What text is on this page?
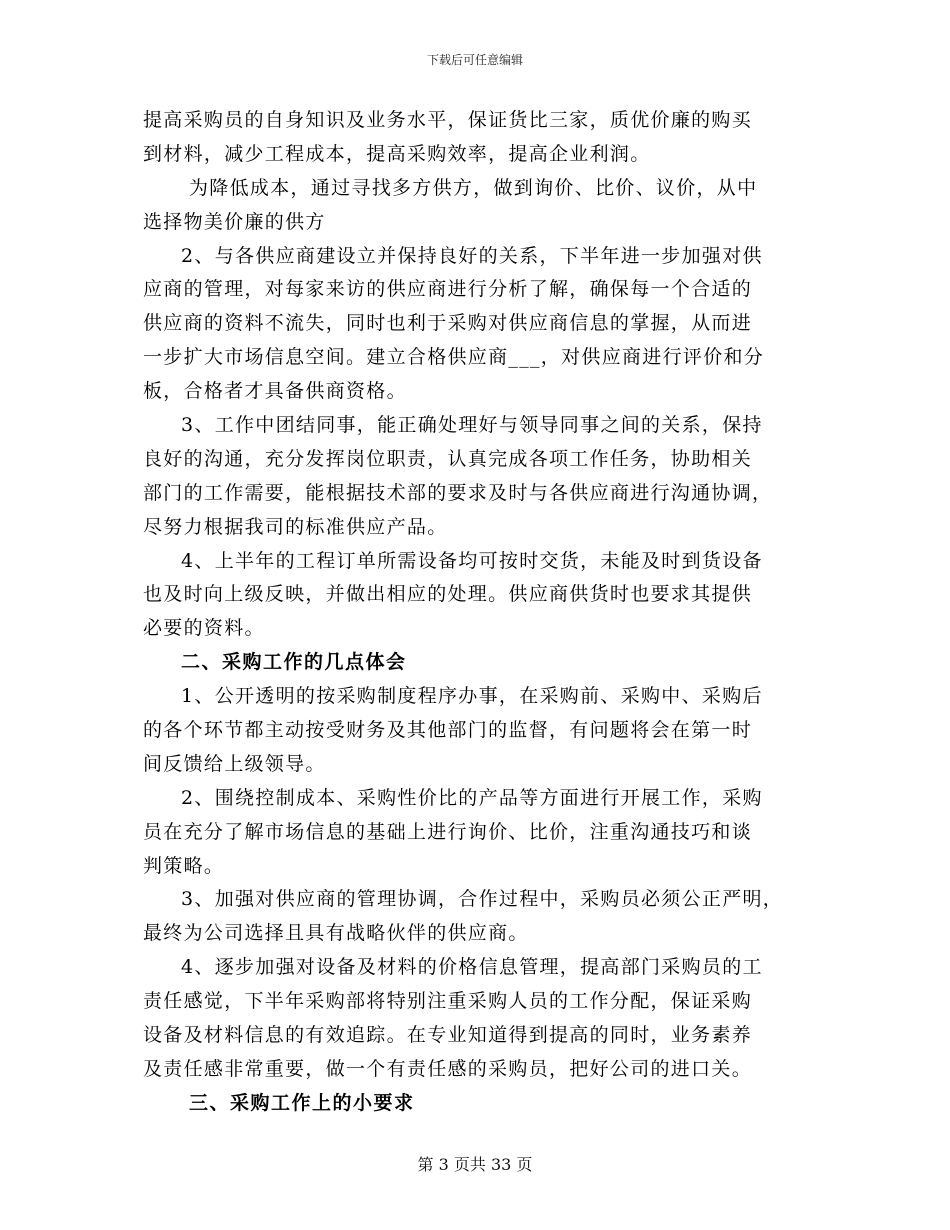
下载后可任意编辑
提高采购员的自身知识及业务水平，保证货比三家，质优价廉的购买
到材料，减少工程成本，提高采购效率，提高企业利润。
为降低成本，通过寻找多方供方，做到询价、比价、议价，从中
选择物美价廉的供方
2、与各供应商建设立并保持良好的关系，下半年进一步加强对供
应商的管理，对每家来访的供应商进行分析了解，确保每一个合适的
供应商的资料不流失，同时也利于采购对供应商信息的掌握，从而进
一步扩大市场信息空间。建立合格供应商___，对供应商进行评价和分
板，合格者才具备供商资格。
3、工作中团结同事，能正确处理好与领导同事之间的关系，保持
良好的沟通，充分发挥岗位职责，认真完成各项工作任务，协助相关
部门的工作需要，能根据技术部的要求及时与各供应商进行沟通协调，
尽努力根据我司的标准供应产品。
4、上半年的工程订单所需设备均可按时交货，未能及时到货设备
也及时向上级反映，并做出相应的处理。供应商供货时也要求其提供
必要的资料。
二、采购工作的几点体会
1、公开透明的按采购制度程序办事，在采购前、采购中、采购后
的各个环节都主动按受财务及其他部门的监督，有问题将会在第一时
间反馈给上级领导。
2、围绕控制成本、采购性价比的产品等方面进行开展工作，采购
员在充分了解市场信息的基础上进行询价、比价，注重沟通技巧和谈
判策略。
3、加强对供应商的管理协调，合作过程中，采购员必须公正严明，
最终为公司选择且具有战略伙伴的供应商。
4、逐步加强对设备及材料的价格信息管理，提高部门采购员的工
责任感觉，下半年采购部将特别注重采购人员的工作分配，保证采购
设备及材料信息的有效追踪。在专业知道得到提高的同时，业务素养
及责任感非常重要，做一个有责任感的采购员，把好公司的进口关。
三、采购工作上的小要求
第 3 页共 33 页
